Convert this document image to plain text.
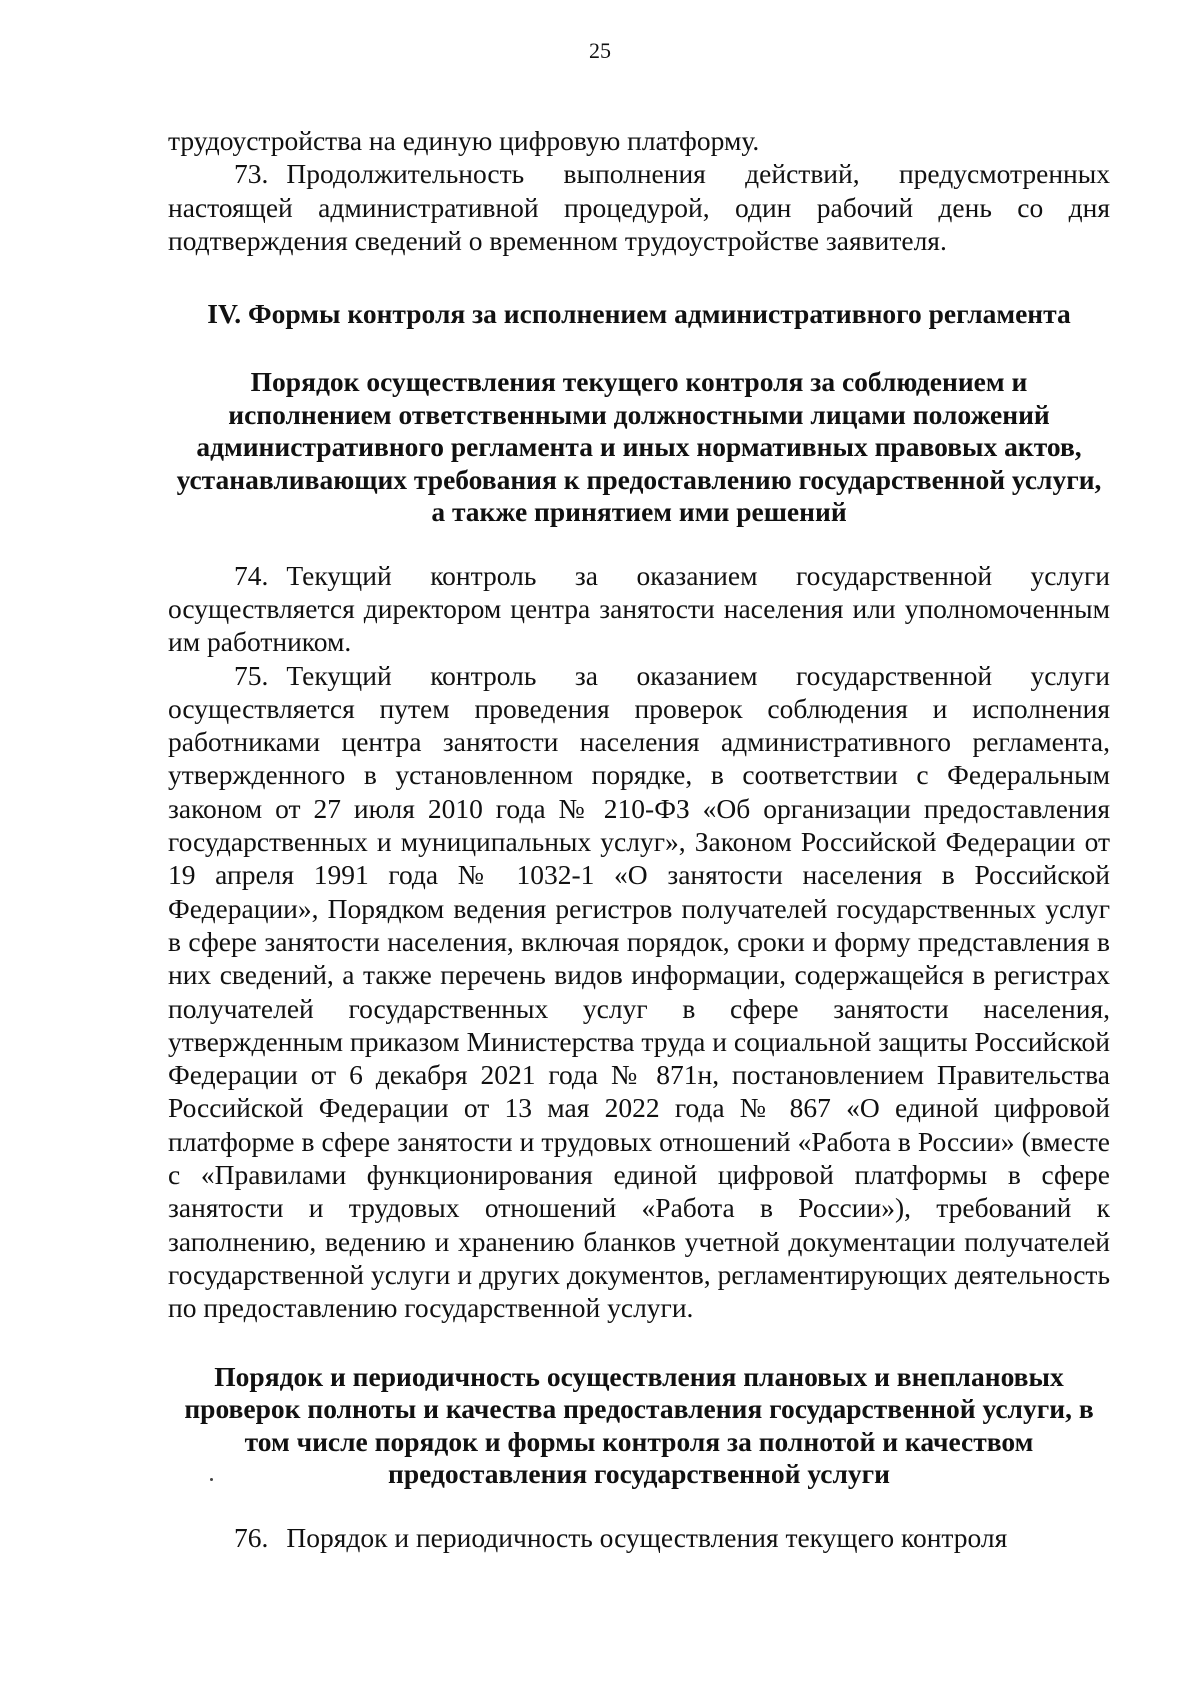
25

трудоустройства на единую цифровую платформу.

73. Продолжительность выполнения действий, предусмотренных настоящей административной процедурой, один рабочий день со дня подтверждения сведений о временном трудоустройстве заявителя.

IV. Формы контроля за исполнением административного регламента
Порядок осуществления текущего контроля за соблюдением и исполнением ответственными должностными лицами положений административного регламента и иных нормативных правовых актов, устанавливающих требования к предоставлению государственной услуги, а также принятием ими решений

74. Текущий контроль за оказанием государственной услуги осуществляется директором центра занятости населения или уполномоченным им работником.

75. Текущий контроль за оказанием государственной услуги осуществляется путем проведения проверок соблюдения и исполнения работниками центра занятости населения административного регламента, утвержденного в установленном порядке, в соответствии с Федеральным законом от 27 июля 2010 года № 210-ФЗ «Об организации предоставления государственных и муниципальных услуг», Законом Российской Федерации от 19 апреля 1991 года № 1032-1 «О занятости населения в Российской Федерации», Порядком ведения регистров получателей государственных услуг в сфере занятости населения, включая порядок, сроки и форму представления в них сведений, а также перечень видов информации, содержащейся в регистрах получателей государственных услуг в сфере занятости населения, утвержденным приказом Министерства труда и социальной защиты Российской Федерации от 6 декабря 2021 года № 871н, постановлением Правительства Российской Федерации от 13 мая 2022 года № 867 «О единой цифровой платформе в сфере занятости и трудовых отношений «Работа в России» (вместе с «Правилами функционирования единой цифровой платформы в сфере занятости и трудовых отношений «Работа в России»), требований к заполнению, ведению и хранению бланков учетной документации получателей государственной услуги и других документов, регламентирующих деятельность по предоставлению государственной услуги.

Порядок и периодичность осуществления плановых и внеплановых проверок полноты и качества предоставления государственной услуги, в том числе порядок и формы контроля за полнотой и качеством предоставления государственной услуги

76. Порядок и периодичность осуществления текущего контроля
